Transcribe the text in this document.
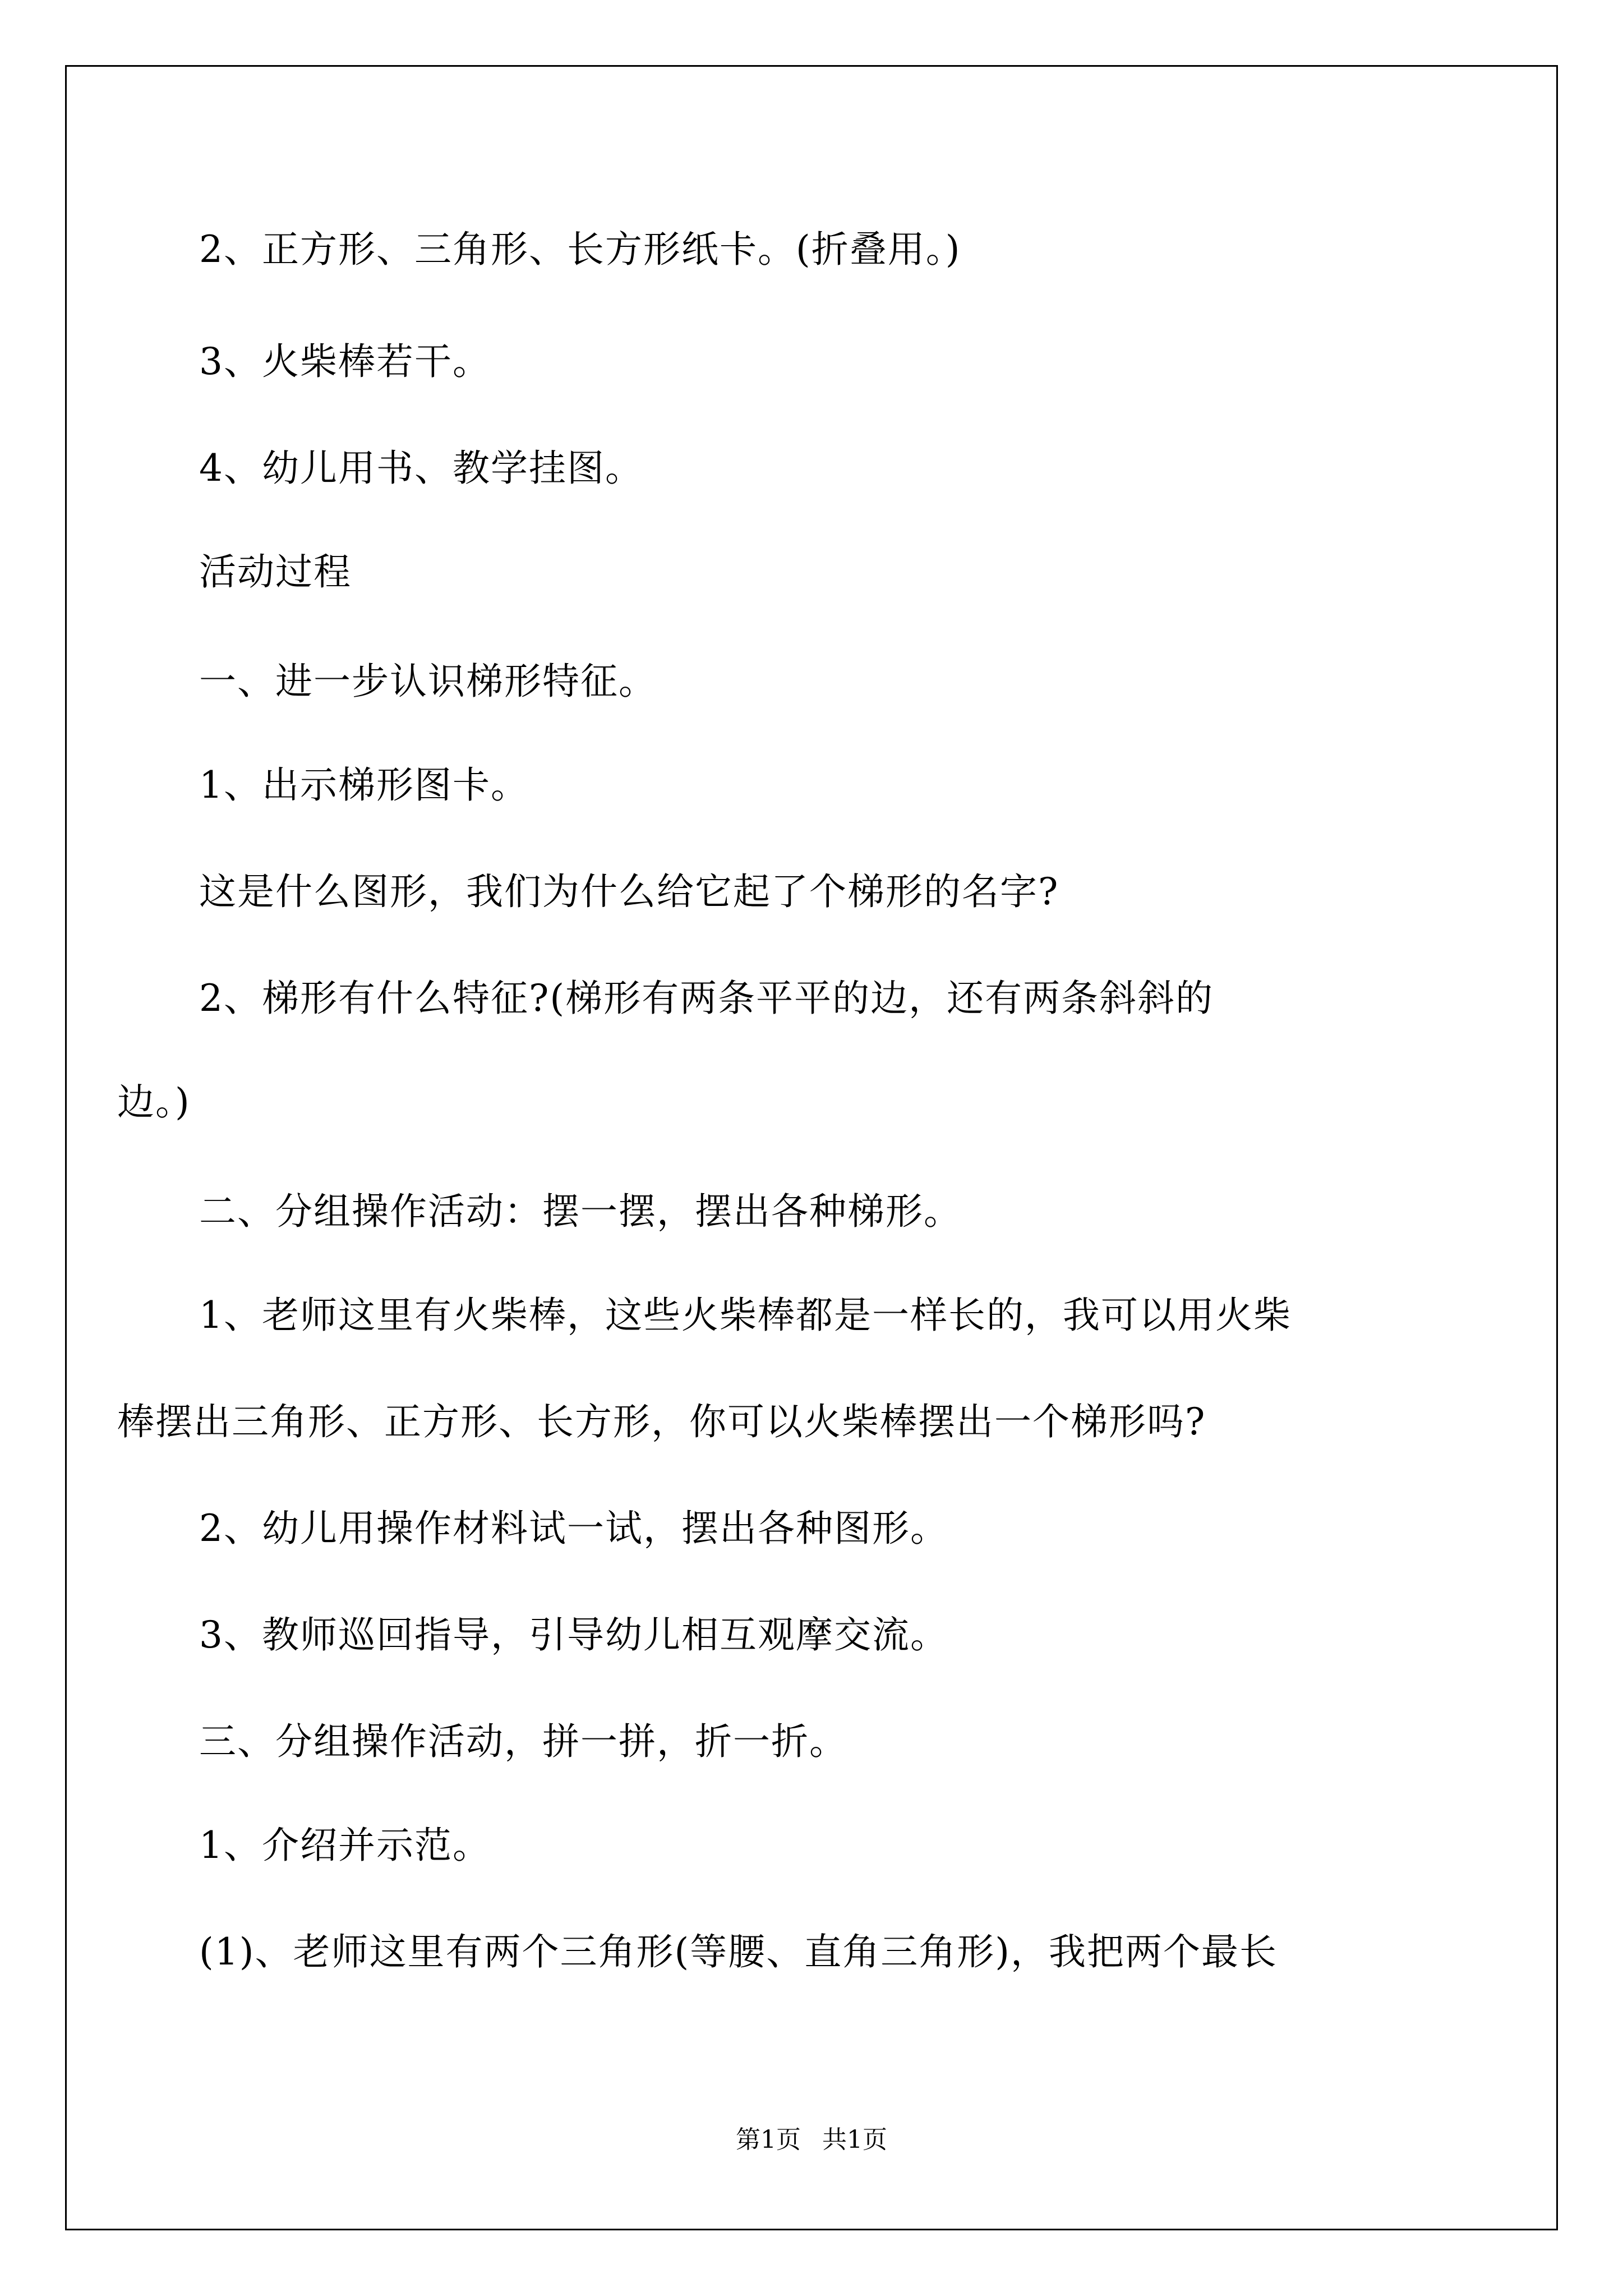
2、正方形、三角形、长方形纸卡。(折叠用。)
3、火柴棒若干。
4、幼儿用书、教学挂图。
活动过程
一、进一步认识梯形特征。
1、出示梯形图卡。
这是什么图形，我们为什么给它起了个梯形的名字?
2、梯形有什么特征?(梯形有两条平平的边，还有两条斜斜的
边。)
二、分组操作活动：摆一摆，摆出各种梯形。
1、老师这里有火柴棒，这些火柴棒都是一样长的，我可以用火柴
棒摆出三角形、正方形、长方形，你可以火柴棒摆出一个梯形吗?
2、幼儿用操作材料试一试，摆出各种图形。
3、教师巡回指导，引导幼儿相互观摩交流。
三、分组操作活动，拼一拼，折一折。
1、介绍并示范。
(1)、老师这里有两个三角形(等腰、直角三角形)，我把两个最长
第1页 共1页
